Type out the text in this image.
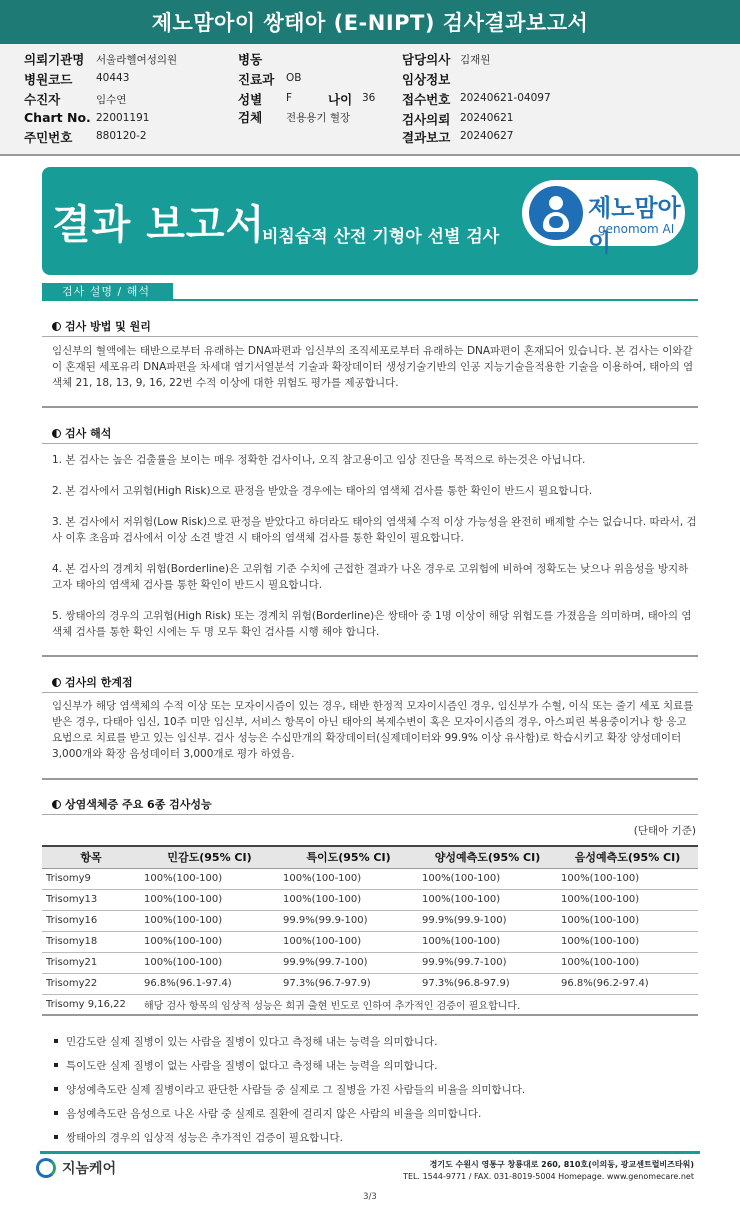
제노맘아이 쌍태아 (E-NIPT) 검사결과보고서
의뢰기관명 서울라헬여성의원
병원코드 40443
수진자	임수연
Chart No. 22001191
주민번호 880120-2
병동
진료과 OB
성별 F	나이 36
검체 전용용기 혈장
담당의사 김재원
임상정보
접수번호 20240621-04097
검사의뢰 20240621
결과보고 20240627
결과 보고서
비침습적 산전 기형아 선별 검사
제노맘아이
genomom AI
검사 설명 / 해석
검사 방법 및 원리
임신부의 혈액에는 태반으로부터 유래하는 DNA파편과 임신부의 조직세포로부터 유래하는 DNA파편이 혼재되어 있습니다. 본 검사는 이와같이 혼재된 세포유리 DNA파편을 차세대 염기서열분석 기술과 확장데이터 생성기술기반의 인공 지능기술을적용한 기술을 이용하여, 태아의 염색체 21, 18, 13, 9, 16, 22번 수적 이상에 대한 위험도 평가를 제공합니다.
검사 해석
1. 본 검사는 높은 검출률을 보이는 매우 정확한 검사이나, 오직 참고용이고 임상 진단을 목적으로 하는것은 아닙니다.
2. 본 검사에서 고위험(High Risk)으로 판정을 받았을 경우에는 태아의 염색체 검사를 통한 확인이 반드시 필요합니다.
3. 본 검사에서 저위험(Low Risk)으로 판정을 받았다고 하더라도 태아의 염색체 수적 이상 가능성을 완전히 배제할 수는 없습니다. 따라서, 검사 이후 초음파 검사에서 이상 소견 발견 시 태아의 염색체 검사를 통한 확인이 필요합니다.
4. 본 검사의 경계치 위험(Borderline)은 고위험 기준 수치에 근접한 결과가 나온 경우로 고위험에 비하여 정확도는 낮으나 위음성을 방지하고자 태아의 염색체 검사를 통한 확인이 반드시 필요합니다.
5. 쌍태아의 경우의 고위험(High Risk) 또는 경계치 위험(Borderline)은 쌍태아 중 1명 이상이 해당 위험도를 가졌음을 의미하며, 태아의 염색체 검사를 통한 확인 시에는 두 명 모두 확인 검사를 시행 해야 합니다.
검사의 한계점
임신부가 해당 염색체의 수적 이상 또는 모자이시즘이 있는 경우, 태반 한정적 모자이시즘인 경우, 임신부가 수혈, 이식 또는 줄기 세포 치료를 받은 경우, 다태아 임신, 10주 미만 임신부, 서비스 항목이 아닌 태아의 복제수변이 혹은 모자이시즘의 경우, 아스피린 복용중이거나 항 응고 요법으로 치료를 받고 있는 임신부. 검사 성능은 수십만개의 확장데이터(실제데이터와 99.9% 이상 유사함)로 학습시키고 확장 양성데이터 3,000개와 확장 음성데이터 3,000개로 평가 하였음.
상염색체증 주요 6종 검사성능
(단태아 기준)
항목	민감도(95% CI)	특이도(95% CI)	양성예측도(95% CI)	음성예측도(95% CI)
Trisomy9	100%(100-100)	100%(100-100)	100%(100-100)	100%(100-100)
Trisomy13	100%(100-100)	100%(100-100)	100%(100-100)	100%(100-100)
Trisomy16	100%(100-100)	99.9%(99.9-100)	99.9%(99.9-100)	100%(100-100)
Trisomy18	100%(100-100)	100%(100-100)	100%(100-100)	100%(100-100)
Trisomy21	100%(100-100)	99.9%(99.7-100)	99.9%(99.7-100)	100%(100-100)
Trisomy22	96.8%(96.1-97.4)	97.3%(96.7-97.9)	97.3%(96.8-97.9)	96.8%(96.2-97.4)
Trisomy 9,16,22	해당 검사 항목의 임상적 성능은 희귀 출현 빈도로 인하여 추가적인 검증이 필요합니다.			
민감도란 실제 질병이 있는 사람을 질병이 있다고 측정해 내는 능력을 의미합니다.
특이도란 실제 질병이 없는 사람을 질병이 없다고 측정해 내는 능력을 의미합니다.
양성예측도란 실제 질병이라고 판단한 사람들 중 실제로 그 질병을 가진 사람들의 비율을 의미합니다.
음성예측도란 음성으로 나온 사람 중 실제로 질환에 걸리지 않은 사람의 비율을 의미합니다.
쌍태아의 경우의 임상적 성능은 추가적인 검증이 필요합니다.
지놈케어	경기도 수원시 영통구 창룡대로 260, 810호(이의동, 광교센트럴비즈타워)
TEL. 1544-9771 / FAX. 031-8019-5004 Homepage. www.genomecare.net
3/3
